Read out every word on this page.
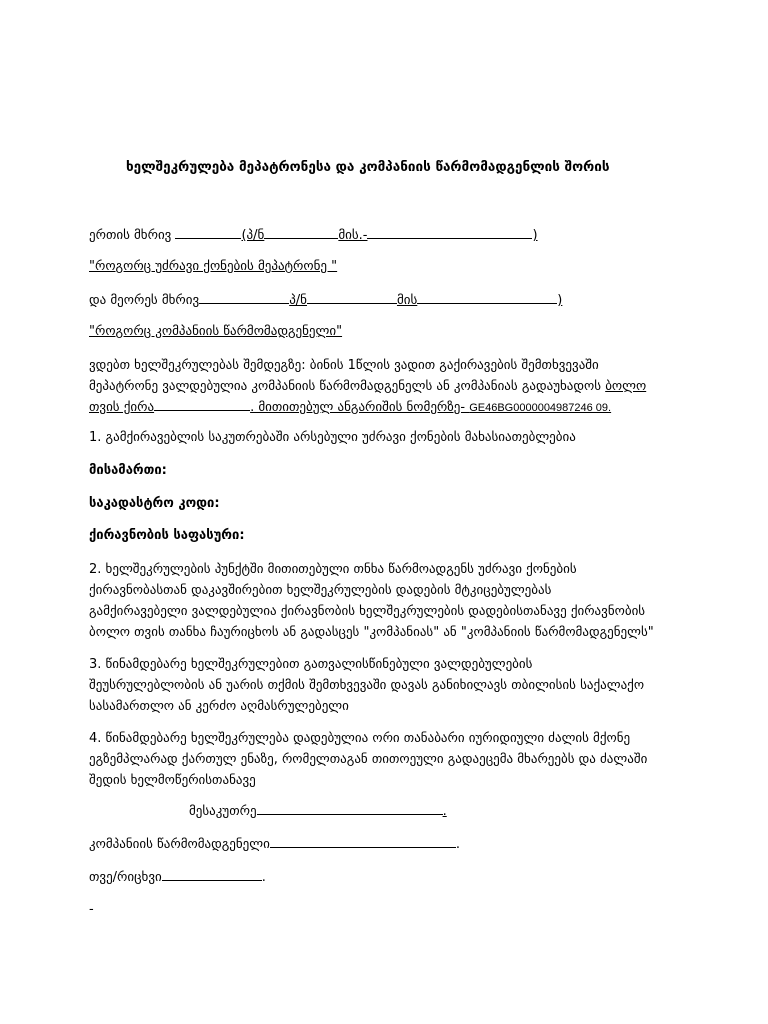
ხელშეკრულება მეპატრონესა და კომპანიის წარმომადგენლის შორის
ერთის მხრივ	(პ/ნ	მის.-	)
"როგორც უძრავი ქონების მეპატრონე "
და მეორეს მხრივ	პ/ნ	მის	)
"როგორც კომპანიის წარმომადგენელი"
ვდებთ ხელშეკრულებას შემდეგზე: ბინის 1წლის ვადით გაქირავების შემთხვევაში
მეპატრონე ვალდებულია კომპანიის წარმომადგენელს ან კომპანიას გადაუხადოს ბოლო
თვის ქირა	. მითითებულ ანგარიშის ნომერზე- GE46BG0000004987246 09.
1. გამქირავებლის საკუთრებაში არსებული უძრავი ქონების მახასიათებლებია
მისამართი:
საკადასტრო კოდი:
ქირავნობის საფასური:
2. ხელშეკრულების პუნქტში მითითებული თნხა წარმოადგენს უძრავი ქონების
ქირავნობასთან დაკავშირებით ხელშეკრულების დადების მტკიცებულებას
გამქირავებელი ვალდებულია ქირავნობის ხელშეკრულების დადებისთანავე ქირავნობის
ბოლო თვის თანხა ჩაურიცხოს ან გადასცეს "კომპანიას" ან "კომპანიის წარმომადგენელს"
3. წინამდებარე ხელშეკრულებით გათვალისწინებული ვალდებულების
შეუსრულებლობის ან უარის თქმის შემთხვევაში დავას განიხილავს თბილისის საქალაქო
სასამართლო ან კერძო აღმასრულებელი
4. წინამდებარე ხელშეკრულება დადებულია ორი თანაბარი იურიდიული ძალის მქონე
ეგზემპლარად ქართულ ენაზე, რომელთაგან თითოეული გადაეცემა მხარეებს და ძალაში
შედის ხელმოწერისთანავე
მესაკუთრე	.
კომპანიის წარმომადგენელი	.
თვე/რიცხვი	.
-
